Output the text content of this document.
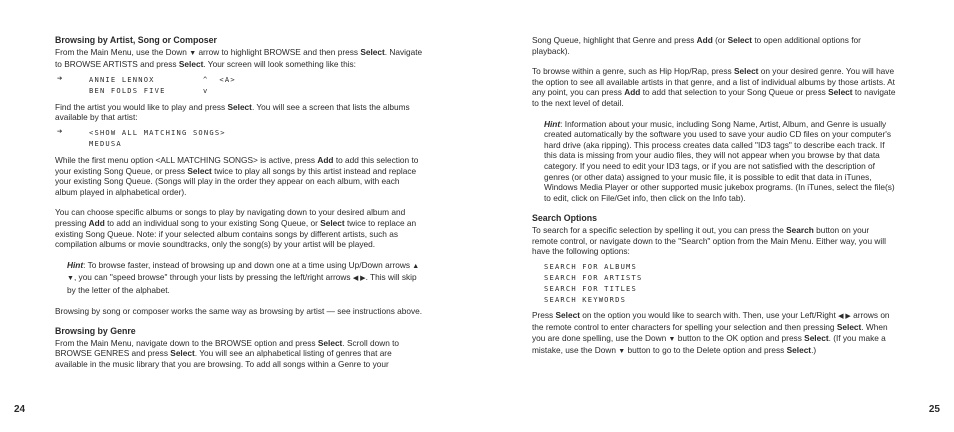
Browsing by Artist, Song or Composer

From the Main Menu, use the Down ▼ arrow to highlight BROWSE and then press Select. Navigate to BROWSE ARTISTS and press Select. Your screen will look something like this:

➔	ANNIE LENNOX	^  <A>
BEN FOLDS FIVE	v

Find the artist you would like to play and press Select. You will see a screen that lists the albums available by that artist:

➔	<SHOW ALL MATCHING SONGS>
MEDUSA

While the first menu option <ALL MATCHING SONGS> is active, press Add to add this selection to your existing Song Queue, or press Select twice to play all songs by this artist instead and replace your existing Song Queue. (Songs will play in the order they appear on each album, with each album played in alphabetical order).

You can choose specific albums or songs to play by navigating down to your desired album and pressing Add to add an individual song to your existing Song Queue, or Select twice to replace an existing Song Queue. Note: if your selected album contains songs by different artists, such as compilation albums or movie soundtracks, only the song(s) by your artist will be played.

Hint: To browse faster, instead of browsing up and down one at a time using Up/Down arrows ▲ ▼, you can "speed browse" through your lists by pressing the left/right arrows ◀ ▶. This will skip by the letter of the alphabet.

Browsing by song or composer works the same way as browsing by artist — see instructions above.

Browsing by Genre

From the Main Menu, navigate down to the BROWSE option and press Select. Scroll down to BROWSE GENRES and press Select. You will see an alphabetical listing of genres that are available in the music library that you are browsing. To add all songs within a Genre to your

24

Song Queue, highlight that Genre and press Add (or Select to open additional options for playback).

To browse within a genre, such as Hip Hop/Rap, press Select on your desired genre. You will have the option to see all available artists in that genre, and a list of individual albums by those artists. At any point, you can press Add to add that selection to your Song Queue or press Select to navigate to the next level of detail.

Hint: Information about your music, including Song Name, Artist, Album, and Genre is usually created automatically by the software you used to save your audio CD files on your computer's hard drive (aka ripping). This process creates data called "ID3 tags" to describe each track. If this data is missing from your audio files, they will not appear when you browse by that data category. If you need to edit your ID3 tags, or if you are not satisfied with the description of genres (or other data) assigned to your music file, it is possible to edit that data in iTunes, Windows Media Player or other supported music jukebox programs. (In iTunes, select the file(s) to edit, click on File/Get info, then click on the Info tab).

Search Options

To search for a specific selection by spelling it out, you can press the Search button on your remote control, or navigate down to the "Search" option from the Main Menu. Either way, you will have the following options:

SEARCH FOR ALBUMS
SEARCH FOR ARTISTS
SEARCH FOR TITLES
SEARCH KEYWORDS

Press Select on the option you would like to search with. Then, use your Left/Right ◀ ▶ arrows on the remote control to enter characters for spelling your selection and then pressing Select. When you are done spelling, use the Down ▼ button to the OK option and press Select. (If you make a mistake, use the Down ▼ button to go to the Delete option and press Select.)

25
